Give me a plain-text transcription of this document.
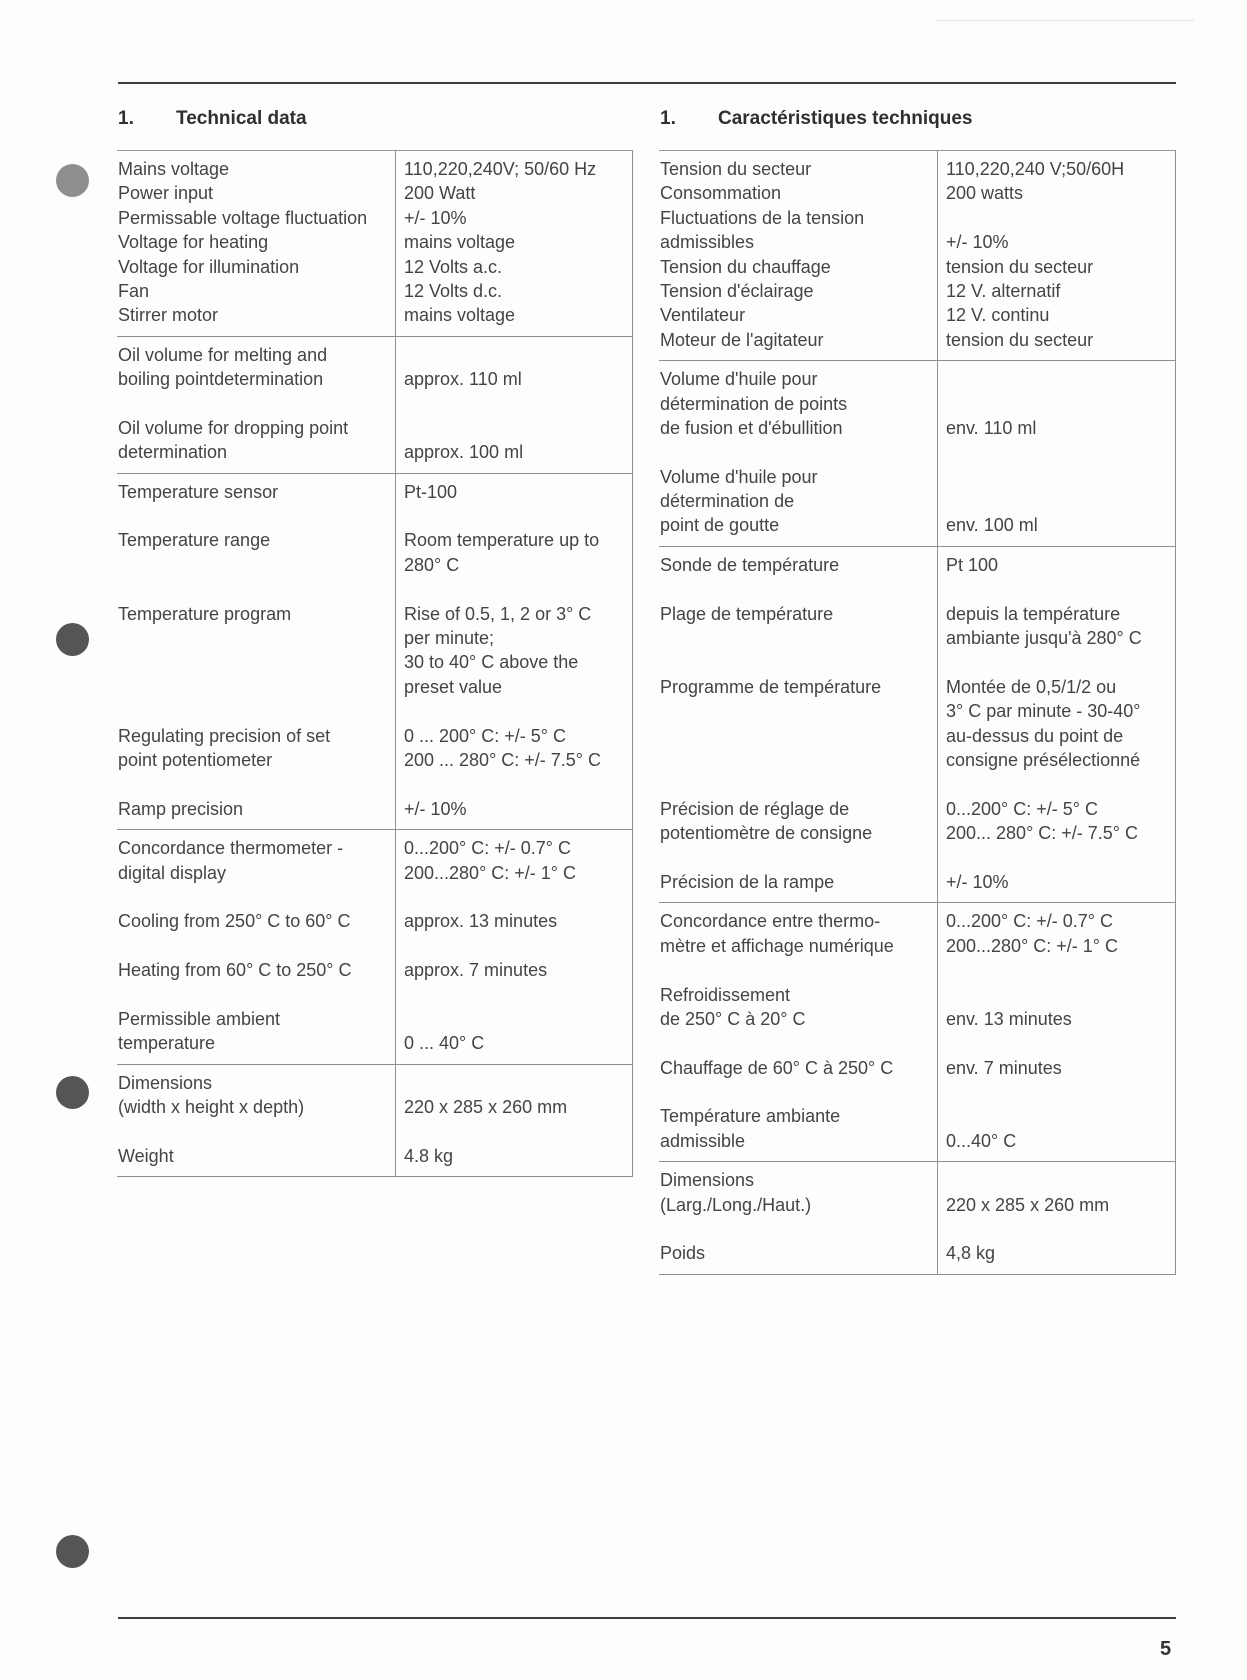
1. Technical data	1. Caractéristiques techniques
Mains voltage
Power input
Permissable voltage fluctuation
Voltage for heating
Voltage for illumination
Fan
Stirrer motor
110,220,240V; 50/60 Hz
200 Watt
+/- 10%
mains voltage
12 Volts a.c.
12 Volts d.c.
mains voltage
Oil volume for melting and
boiling pointdetermination
Oil volume for dropping point
determination
approx. 110 ml
approx. 100 ml
Temperature sensor
Temperature range
Temperature program
Regulating precision of set
point potentiometer
Ramp precision
Pt-100
Room temperature up to
280° C
Rise of 0.5, 1, 2 or 3° C
per minute;
30 to 40° C above the
preset value
0 ... 200° C: +/- 5° C
200 ... 280° C: +/- 7.5° C
+/- 10%
Concordance thermometer -
digital display
Cooling from 250° C to 60° C
Heating from 60° C to 250° C
Permissible ambient
temperature
0...200° C: +/- 0.7° C
200...280° C: +/- 1° C
approx. 13 minutes
approx. 7 minutes
0 ... 40° C
Dimensions
(width x height x depth)
Weight
220 x 285 x 260 mm
4.8 kg
Tension du secteur
Consommation
Fluctuations de la tension
admissibles
Tension du chauffage
Tension d'éclairage
Ventilateur
Moteur de l'agitateur
110,220,240 V;50/60H
200 watts
+/- 10%
tension du secteur
12 V. alternatif
12 V. continu
tension du secteur
Volume d'huile pour
détermination de points
de fusion et d'ébullition
Volume d'huile pour
détermination de
point de goutte
env. 110 ml
env. 100 ml
Sonde de température
Plage de température
Programme de température
Précision de réglage de
potentiomètre de consigne
Précision de la rampe
Pt 100
depuis la température
ambiante jusqu'à 280° C
Montée de 0,5/1/2 ou
3° C par minute - 30-40°
au-dessus du point de
consigne présélectionné
0...200° C: +/- 5° C
200... 280° C: +/- 7.5° C
+/- 10%
Concordance entre thermo-
mètre et affichage numérique
Refroidissement
de 250° C à 20° C
Chauffage de 60° C à 250° C
Température ambiante
admissible
0...200° C: +/- 0.7° C
200...280° C: +/- 1° C
env. 13 minutes
env. 7 minutes
0...40° C
Dimensions
(Larg./Long./Haut.)
Poids
220 x 285 x 260 mm
4,8 kg
5
